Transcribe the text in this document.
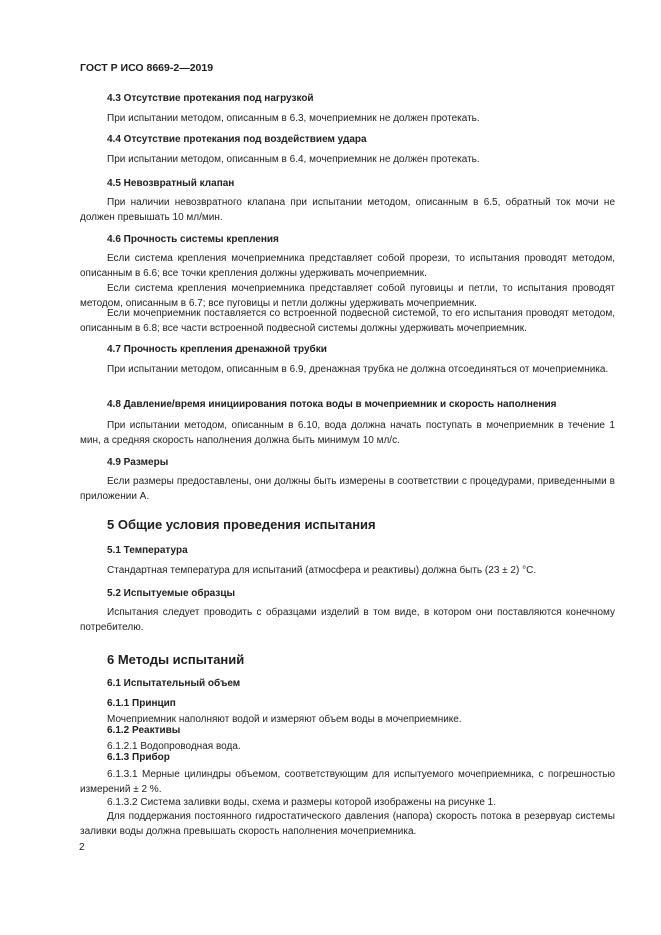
ГОСТ Р ИСО 8669-2—2019
4.3 Отсутствие протекания под нагрузкой
При испытании методом, описанным в 6.3, мочеприемник не должен протекать.
4.4 Отсутствие протекания под воздействием удара
При испытании методом, описанным в 6.4, мочеприемник не должен протекать.
4.5 Невозвратный клапан
При наличии невозвратного клапана при испытании методом, описанным в 6.5, обратный ток мочи не должен превышать 10 мл/мин.
4.6 Прочность системы крепления
Если система крепления мочеприемника представляет собой прорези, то испытания проводят методом, описанным в 6.6; все точки крепления должны удерживать мочеприемник.
Если система крепления мочеприемника представляет собой пуговицы и петли, то испытания проводят методом, описанным в 6.7; все пуговицы и петли должны удерживать мочеприемник.
Если мочеприемник поставляется со встроенной подвесной системой, то его испытания проводят методом, описанным в 6.8; все части встроенной подвесной системы должны удерживать мочеприемник.
4.7 Прочность крепления дренажной трубки
При испытании методом, описанным в 6.9, дренажная трубка не должна отсоединяться от мочеприемника.
4.8 Давление/время инициирования потока воды в мочеприемник и скорость наполнения
При испытании методом, описанным в 6.10, вода должна начать поступать в мочеприемник в течение 1 мин, а средняя скорость наполнения должна быть минимум 10 мл/с.
4.9 Размеры
Если размеры предоставлены, они должны быть измерены в соответствии с процедурами, приведенными в приложении А.
5 Общие условия проведения испытания
5.1 Температура
Стандартная температура для испытаний (атмосфера и реактивы) должна быть (23 ± 2) °С.
5.2 Испытуемые образцы
Испытания следует проводить с образцами изделий в том виде, в котором они поставляются конечному потребителю.
6 Методы испытаний
6.1 Испытательный объем
6.1.1 Принцип
Мочеприемник наполняют водой и измеряют объем воды в мочеприемнике.
6.1.2 Реактивы
6.1.2.1 Водопроводная вода.
6.1.3 Прибор
6.1.3.1 Мерные цилиндры объемом, соответствующим для испытуемого мочеприемника, с погрешностью измерений ± 2 %.
6.1.3.2 Система заливки воды, схема и размеры которой изображены на рисунке 1.
Для поддержания постоянного гидростатического давления (напора) скорость потока в резервуар системы заливки воды должна превышать скорость наполнения мочеприемника.
2
